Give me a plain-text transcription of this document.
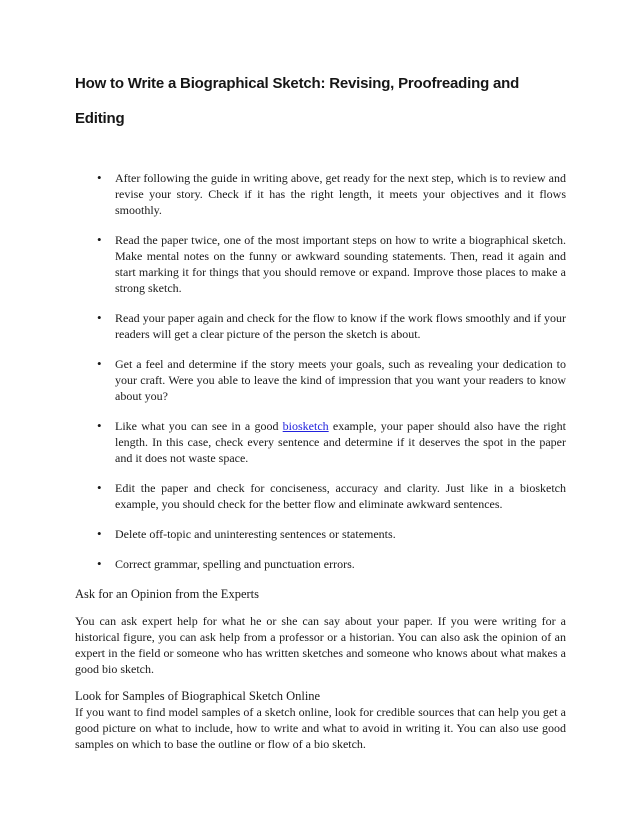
How to Write a Biographical Sketch: Revising, Proofreading and Editing
• After following the guide in writing above, get ready for the next step, which is to review and revise your story. Check if it has the right length, it meets your objectives and it flows smoothly.
• Read the paper twice, one of the most important steps on how to write a biographical sketch. Make mental notes on the funny or awkward sounding statements. Then, read it again and start marking it for things that you should remove or expand. Improve those places to make a strong sketch.
• Read your paper again and check for the flow to know if the work flows smoothly and if your readers will get a clear picture of the person the sketch is about.
• Get a feel and determine if the story meets your goals, such as revealing your dedication to your craft. Were you able to leave the kind of impression that you want your readers to know about you?
• Like what you can see in a good biosketch example, your paper should also have the right length. In this case, check every sentence and determine if it deserves the spot in the paper and it does not waste space.
• Edit the paper and check for conciseness, accuracy and clarity. Just like in a biosketch example, you should check for the better flow and eliminate awkward sentences.
• Delete off-topic and uninteresting sentences or statements.
• Correct grammar, spelling and punctuation errors.

Ask for an Opinion from the Experts

You can ask expert help for what he or she can say about your paper. If you were writing for a historical figure, you can ask help from a professor or a historian. You can also ask the opinion of an expert in the field or someone who has written sketches and someone who knows about what makes a good bio sketch.

Look for Samples of Biographical Sketch Online

If you want to find model samples of a sketch online, look for credible sources that can help you get a good picture on what to include, how to write and what to avoid in writing it. You can also use good samples on which to base the outline or flow of a bio sketch.
